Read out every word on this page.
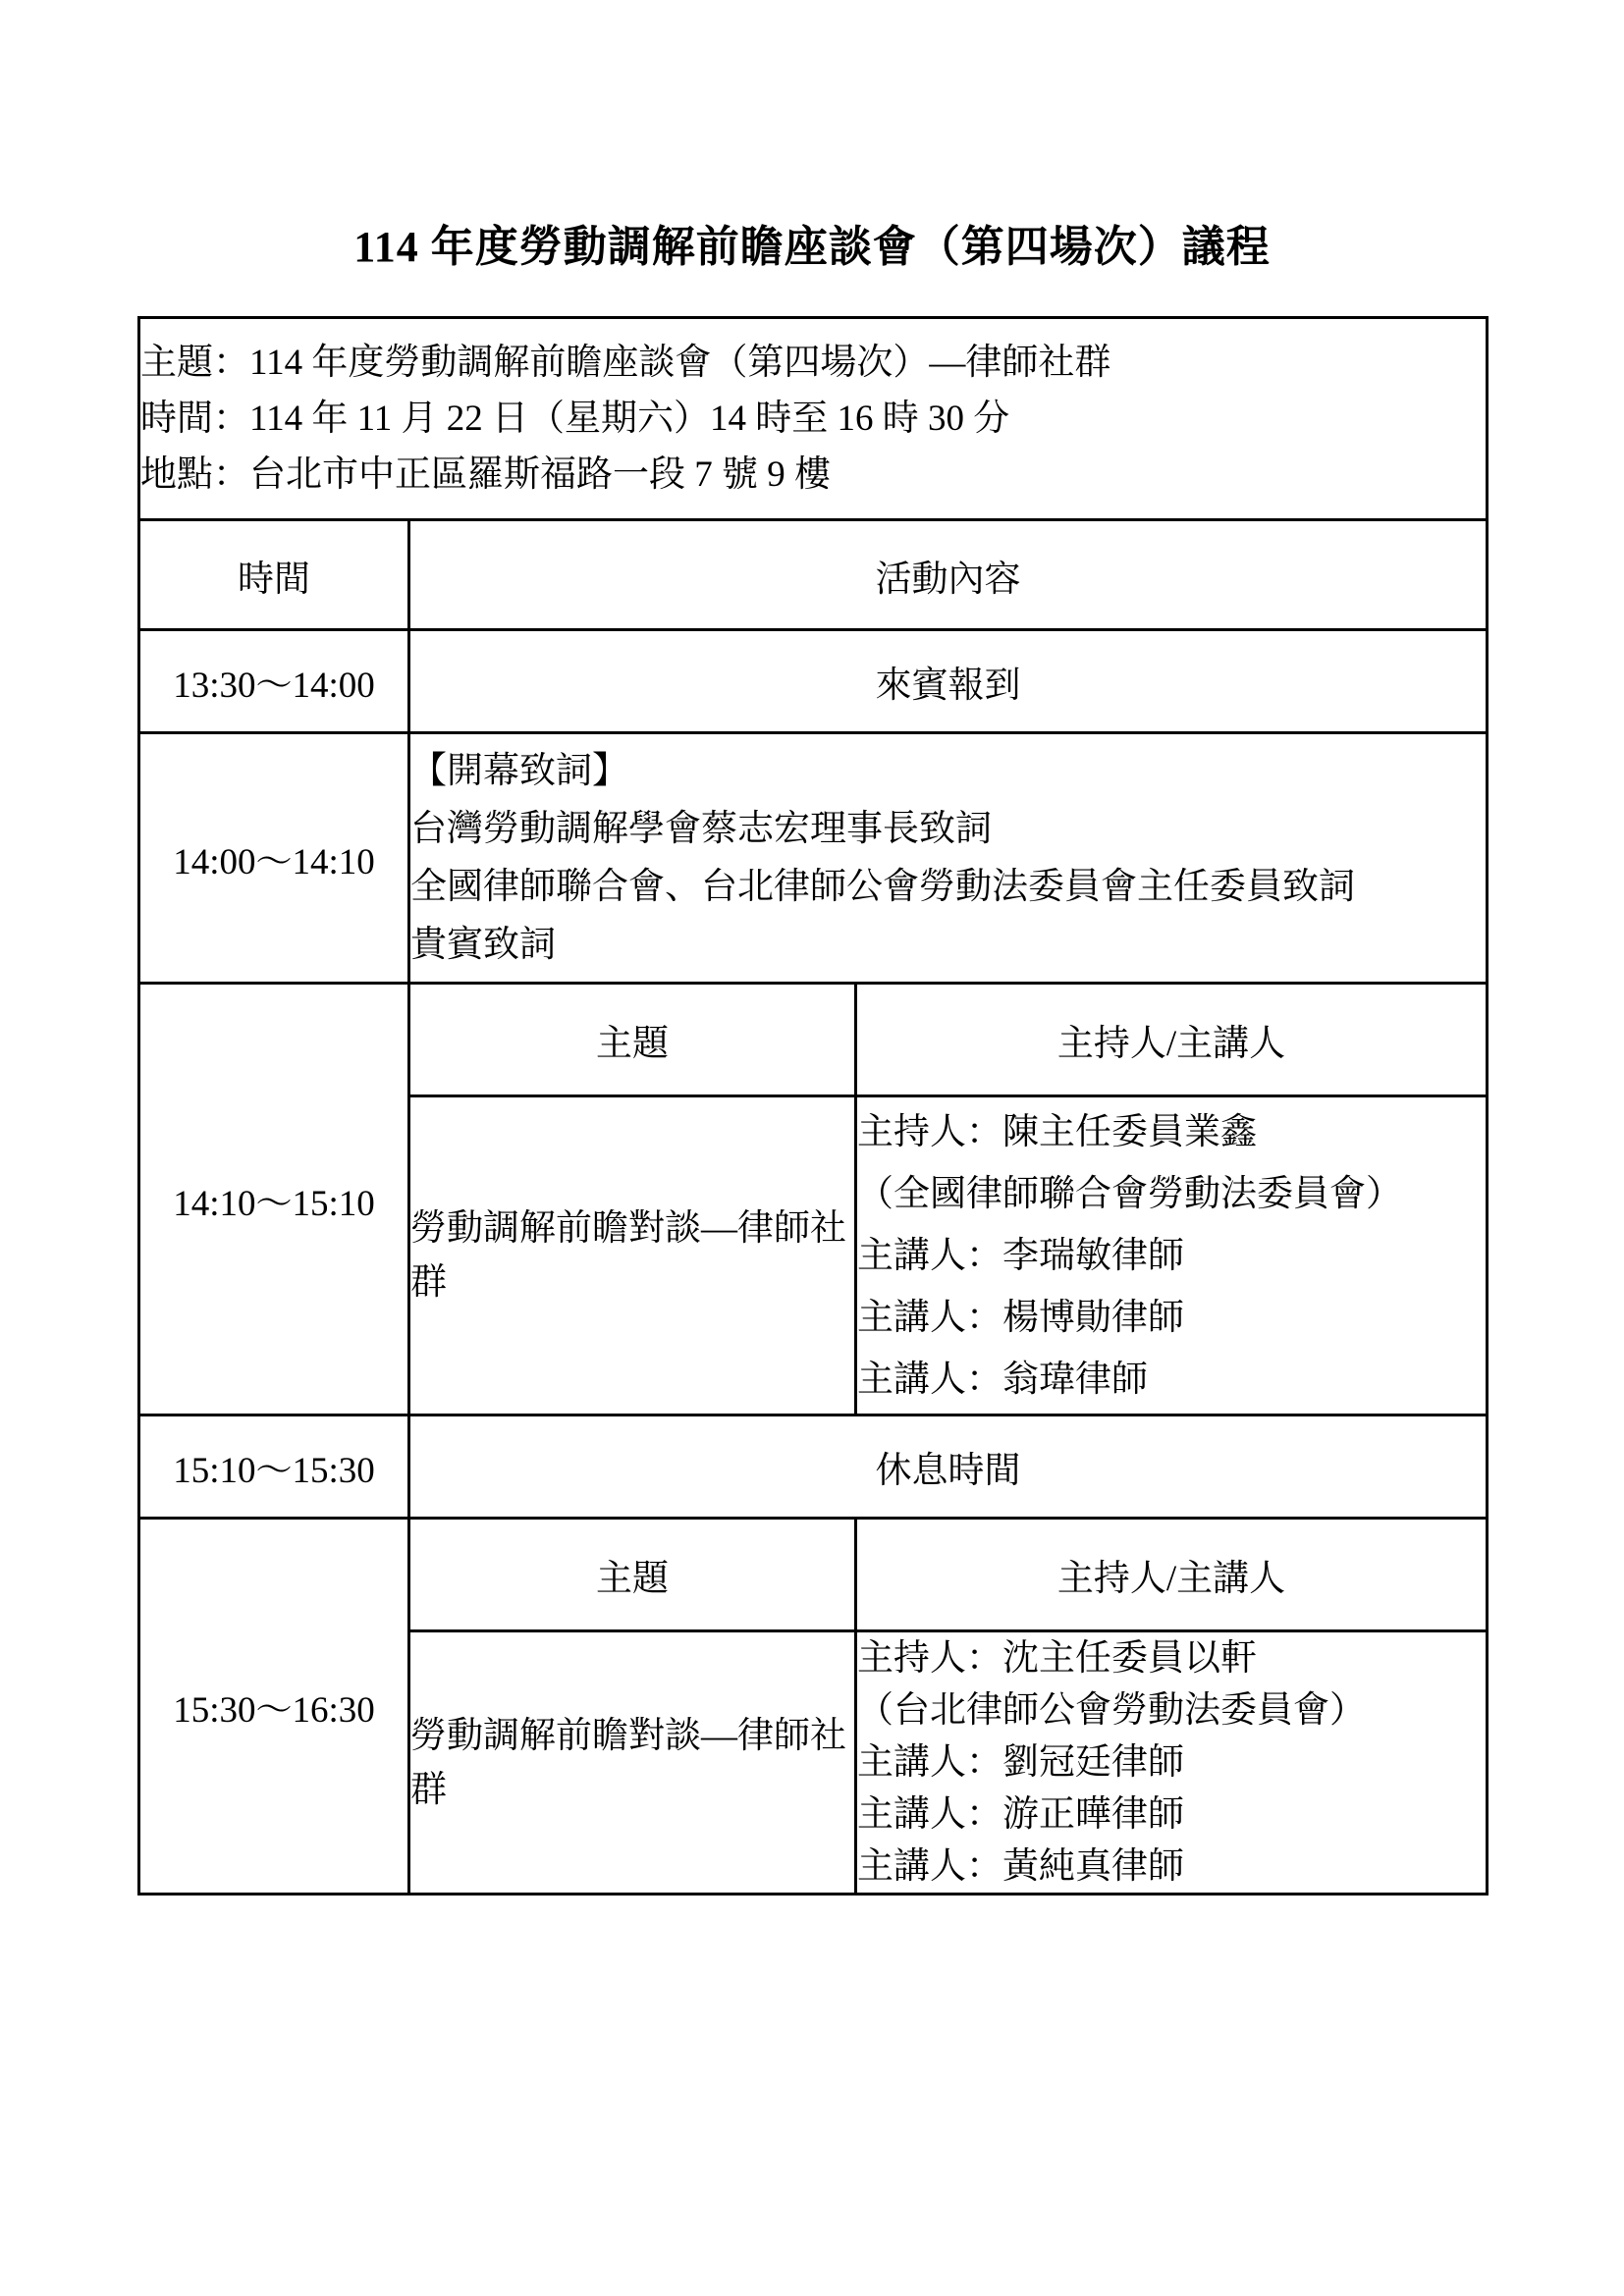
114 年度勞動調解前瞻座談會（第四場次）議程
主題：114 年度勞動調解前瞻座談會（第四場次）—律師社群
時間：114 年 11 月 22 日（星期六）14 時至 16 時 30 分
地點：台北市中正區羅斯福路一段 7 號 9 樓		

時間	活動內容	
13:30～14:00	來賓報到	
14:00～14:10	【開幕致詞】
台灣勞動調解學會蔡志宏理事長致詞
全國律師聯合會、台北律師公會勞動法委員會主任委員致詞
貴賓致詞	

14:10～15:10	主題	主持人/主講人
	勞動調解前瞻對談—律師社群	主持人：陳主任委員業鑫
（全國律師聯合會勞動法委員會）
主講人：李瑞敏律師
主講人：楊博勛律師
主講人：翁瑋律師

15:10～15:30	休息時間	
15:30～16:30	主題	主持人/主講人
	勞動調解前瞻對談—律師社群	主持人：沈主任委員以軒
（台北律師公會勞動法委員會）
主講人：劉冠廷律師
主講人：游正曄律師
主講人：黃純真律師
